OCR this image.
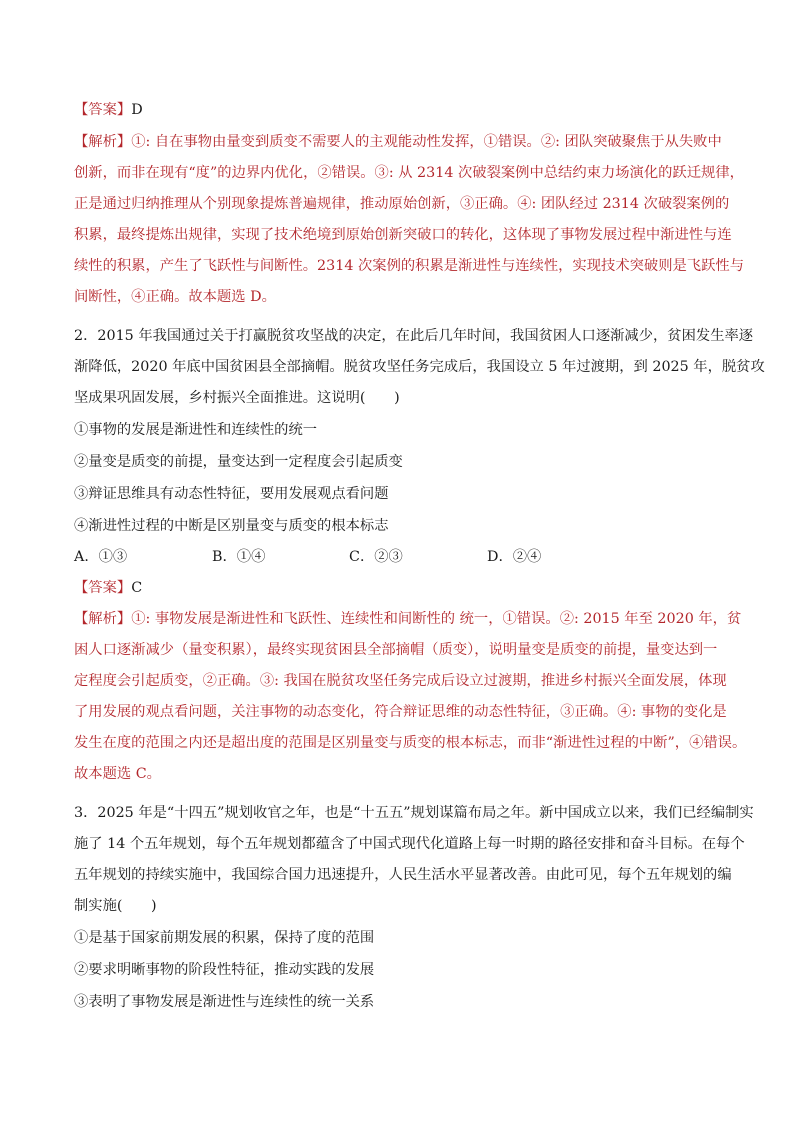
【答案】D
【解析】①: 自在事物由量变到质变不需要人的主观能动性发挥，①错误。②: 团队突破聚焦于从失败中
创新，而非在现有“度”的边界内优化，②错误。③: 从 2314 次破裂案例中总结约束力场演化的跃迁规律，
正是通过归纳推理从个别现象提炼普遍规律，推动原始创新，③正确。④: 团队经过 2314 次破裂案例的
积累，最终提炼出规律，实现了技术绝境到原始创新突破口的转化，这体现了事物发展过程中渐进性与连
续性的积累，产生了飞跃性与间断性。2314 次案例的积累是渐进性与连续性，实现技术突破则是飞跃性与
间断性，④正确。故本题选 D。
2．2015 年我国通过关于打赢脱贫攻坚战的决定，在此后几年时间，我国贫困人口逐渐减少，贫困发生率逐
渐降低，2020 年底中国贫困县全部摘帽。脱贫攻坚任务完成后，我国设立 5 年过渡期，到 2025 年，脱贫攻
坚成果巩固发展，乡村振兴全面推进。这说明(　　)
①事物的发展是渐进性和连续性的统一
②量变是质变的前提，量变达到一定程度会引起质变
③辩证思维具有动态性特征，要用发展观点看问题
④渐进性过程的中断是区别量变与质变的根本标志
A．①③	B．①④	C．②③	D．②④
【答案】C
【解析】①: 事物发展是渐进性和飞跃性、连续性和间断性的 统一，①错误。②: 2015 年至 2020 年，贫
困人口逐渐减少（量变积累），最终实现贫困县全部摘帽（质变），说明量变是质变的前提，量变达到一
定程度会引起质变，②正确。③: 我国在脱贫攻坚任务完成后设立过渡期，推进乡村振兴全面发展，体现
了用发展的观点看问题，关注事物的动态变化，符合辩证思维的动态性特征，③正确。④: 事物的变化是
发生在度的范围之内还是超出度的范围是区别量变与质变的根本标志，而非“渐进性过程的中断”，④错误。
故本题选 C。
3．2025 年是“十四五”规划收官之年，也是“十五五”规划谋篇布局之年。新中国成立以来，我们已经编制实
施了 14 个五年规划，每个五年规划都蕴含了中国式现代化道路上每一时期的路径安排和奋斗目标。在每个
五年规划的持续实施中，我国综合国力迅速提升，人民生活水平显著改善。由此可见，每个五年规划的编
制实施(　　)
①是基于国家前期发展的积累，保持了度的范围
②要求明晰事物的阶段性特征，推动实践的发展
③表明了事物发展是渐进性与连续性的统一关系
